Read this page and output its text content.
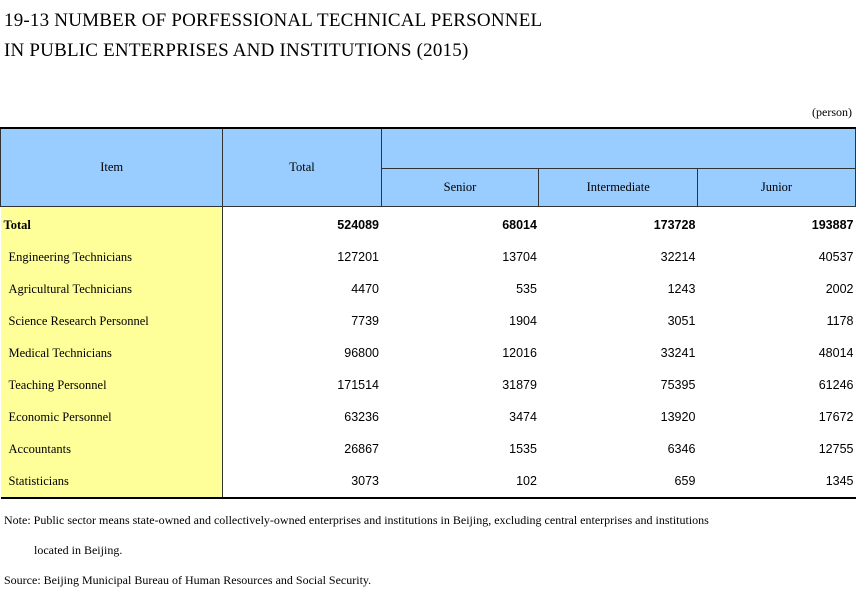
19-13 NUMBER OF PORFESSIONAL TECHNICAL PERSONNEL
IN PUBLIC ENTERPRISES AND INSTITUTIONS (2015)
(person)
Item	Total			
		Senior	Intermediate	Junior
Total	524089	68014	173728	193887
Engineering Technicians	127201	13704	32214	40537
Agricultural Technicians	4470	535	1243	2002
Science Research Personnel	7739	1904	3051	1178
Medical Technicians	96800	12016	33241	48014
Teaching Personnel	171514	31879	75395	61246
Economic Personnel	63236	3474	13920	17672
Accountants	26867	1535	6346	12755
Statisticians	3073	102	659	1345
Note: Public sector means state-owned and collectively-owned enterprises and institutions in Beijing, excluding central enterprises and institutions
located in Beijing.
Source: Beijing Municipal Bureau of Human Resources and Social Security.
